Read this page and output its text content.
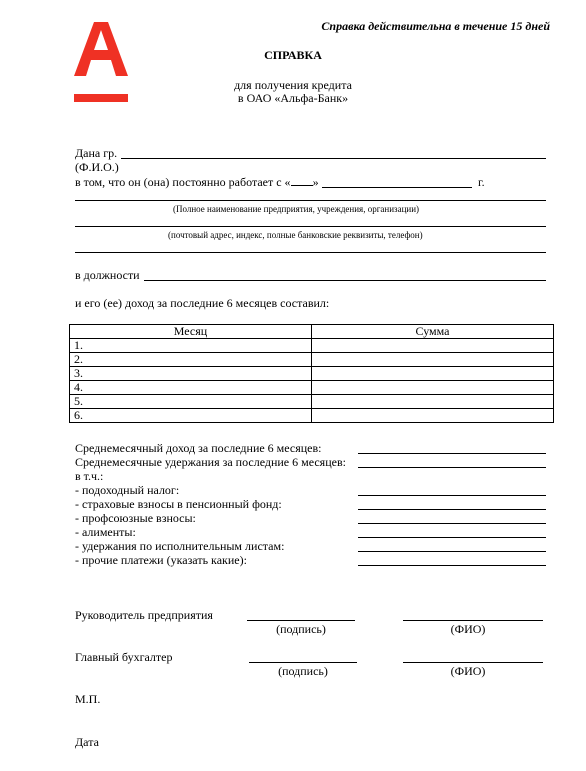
Справка действительна в течение 15 дней
СПРАВКА
для получения кредита
в ОАО «Альфа-Банк»
Дана гр.
(Ф.И.О.)
в том, что он (она) постоянно работает с « »	г.
(Полное наименование предприятия, учреждения, организации)
(почтовый адрес, индекс, полные банковские реквизиты, телефон)
в должности
и его (ее) доход за последние 6 месяцев составил:
Месяц	Сумма
1.	
2.	
3.	
4.	
5.	
6.	
Среднемесячный доход за последние 6 месяцев:
Среднемесячные удержания за последние 6 месяцев:
в т.ч.:
- подоходный налог:
- страховые взносы в пенсионный фонд:
- профсоюзные взносы:
- алименты:
- удержания по исполнительным листам:
- прочие платежи (указать какие):
Руководитель предприятия
(подпись)	(ФИО)
Главный бухгалтер
(подпись)	(ФИО)
М.П.
Дата
